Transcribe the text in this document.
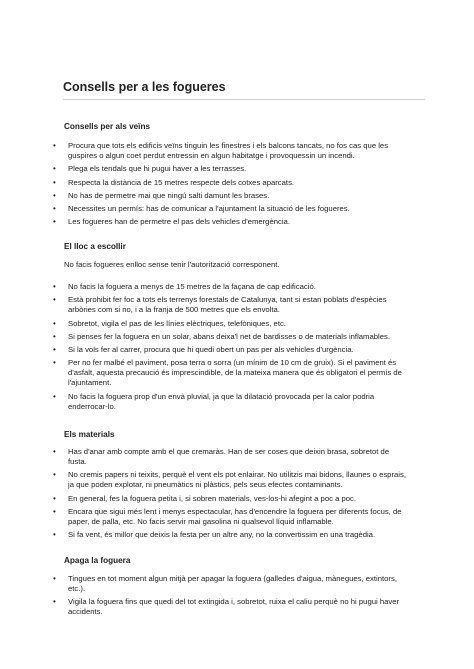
Consells per a les fogueres
Consells per als veïns
• Procura que tots els edificis veïns tinguin les finestres i els balcons tancats, no fos cas que les guspires o algun coet perdut entressin en algun habitatge i provoquessin un incendi.
• Plega els tendals que hi pugui haver a les terrasses.
• Respecta la distància de 15 metres respecte dels cotxes aparcats.
• No has de permetre mai que ningú salti damunt les brases.
• Necessites un permís: has de comunicar a l'ajuntament la situació de les fogueres.
• Les fogueres han de permetre el pas dels vehicles d'emergència.
El lloc a escollir

No facis fogueres enlloc sense tenir l'autorització corresponent.

• No facis la foguera a menys de 15 metres de la façana de cap edificació.
• Està prohibit fer foc a tots els terrenys forestals de Catalunya, tant si estan poblats d'espècies arbòries com si no, i a la franja de 500 metres que els envolta.
• Sobretot, vigila el pas de les línies elèctriques, telefòniques, etc.
• Si penses fer la foguera en un solar, abans deixa'l net de bardisses o de materials inflamables.
• Si la vols fer al carrer, procura que hi quedi obert un pas per als vehicles d'urgència.
• Per no fer malbé el paviment, posa terra o sorra (un mínim de 10 cm de gruix). Si el paviment és d'asfalt, aquesta precaució és imprescindible, de la mateixa manera que és obligatori el permís de l'ajuntament.
• No facis la foguera prop d'un envà pluvial, ja que la dilatació provocada per la calor podria enderrocar-lo.
Els materials
• Has d'anar amb compte amb el que cremaràs. Han de ser coses que deixin brasa, sobretot de fusta.
• No cremis papers ni teixits, perquè el vent els pot enlairar. No utilitzis mai bidons, llaunes o esprais, ja que poden explotar, ni pneumàtics ni plàstics, pels seus efectes contaminants.
• En general, fes la foguera petita i, si sobren materials, ves-los-hi afegint a poc a poc.
• Encara que sigui més lent i menys espectacular, has d'encendre la foguera per diferents focus, de paper, de palla, etc. No facis servir mai gasolina ni qualsevol líquid inflamable.
• Si fa vent, és millor que deixis la festa per un altre any, no la convertissim en una tragèdia.
Apaga la foguera
• Tingues en tot moment algun mitjà per apagar la foguera (galledes d'aigua, mànegues, extintors, etc.).
• Vigila la foguera fins que quedi del tot extingida i, sobretot, ruixa el caliu perquè no hi pugui haver accidents.
